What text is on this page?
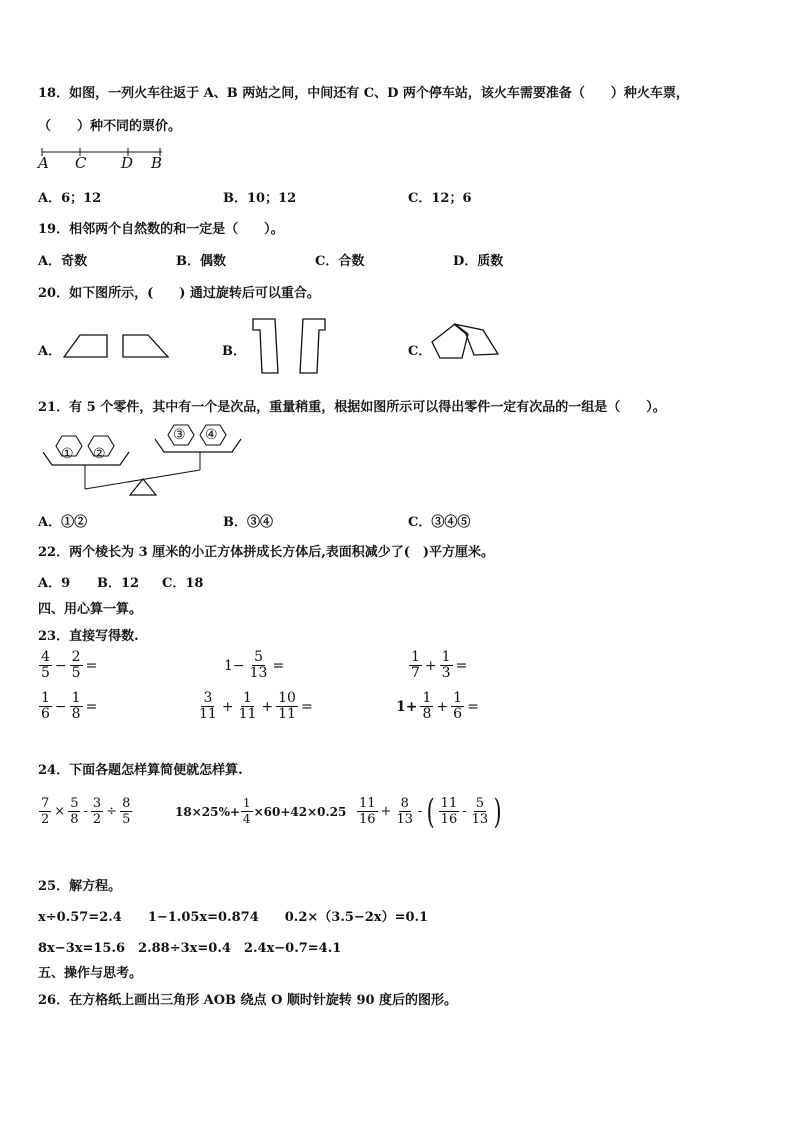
18．如图，一列火车往返于 A、B 两站之间，中间还有 C、D 两个停车站，该火车需要准备（　　）种火车票，
（　　）种不同的票价。
A C D B
A．6；12	B．10；12	C．12；6
19．相邻两个自然数的和一定是（　　）。
A．奇数	B．偶数	C．合数	D．质数
20．如下图所示，(　　) 通过旋转后可以重合。
A．	B．	C．
21．有 5 个零件，其中有一个是次品，重量稍重，根据如图所示可以得出零件一定有次品的一组是（　　）。
① ②
③ ④
A．①②	B．③④	C．③④⑤
22．两个棱长为 3 厘米的小正方体拼成长方体后,表面积减少了(　)平方厘米。
A．9 B．12 C．18
四、用心算一算。
23．直接写得数.
$\frac{4}{5} - \frac{2}{5}$ =	$1- \frac{5}{13}$ =	$\frac{1}{7} + \frac{1}{3}$ =
$\frac{1}{6} - \frac{1}{8}$ =	$\frac{3}{11} + \frac{1}{11} + \frac{10}{11}$ =	$1+ \frac{1}{8} + \frac{1}{6}$ =
24．下面各题怎样算简便就怎样算.
$\frac{7}{2} \times \frac{5}{8} - \frac{3}{2} \div \frac{8}{5}$	$18\times 25\%+ \frac{1}{4} \times 60+42\times 0.25 \frac{11}{16} + \frac{8}{13}$ - ( $\frac{11}{16} - \frac{5}{13}$ )
25．解方程。
x÷0.57=2.4　　1−1.05x=0.874　　0.2×（3.5−2x）=0.1
8x−3x=15.6　2.88÷3x=0.4　2.4x−0.7=4.1
五、操作与思考。
26．在方格纸上画出三角形 AOB 绕点 O 顺时针旋转 90 度后的图形。
